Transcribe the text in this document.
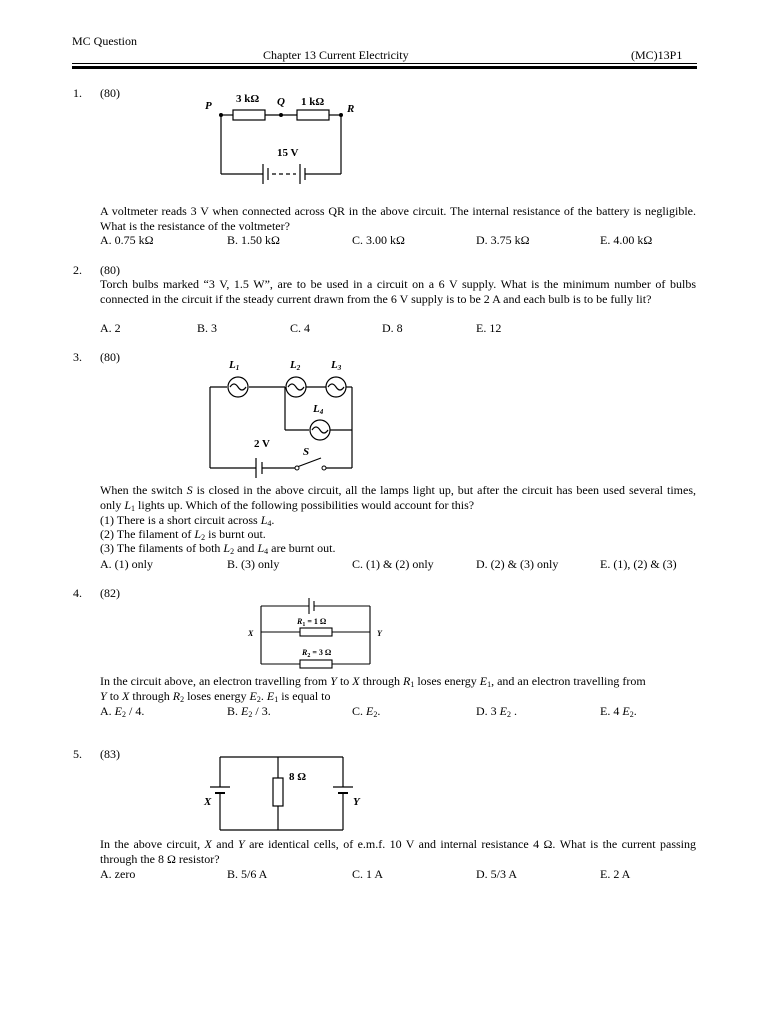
MC Question
Chapter 13 Current Electricity	(MC)13P1
1. (80)	3 kΩ	1 kΩ
P	Q
R
15 V
A voltmeter reads 3 V when connected across QR in the above circuit. The internal resistance of the battery is negligible. What is the resistance of the voltmeter?
A. 0.75 kΩ	B. 1.50 kΩ	C. 3.00 kΩ	D. 3.75 kΩ	E. 4.00 kΩ
2. (80)
Torch bulbs marked “3 V, 1.5 W”, are to be used in a circuit on a 6 V supply. What is the minimum number of bulbs connected in the circuit if the steady current drawn from the 6 V supply is to be 2 A and each bulb is to be fully lit?
A. 2	B. 3	C. 4	D. 8	E. 12
3. (80)
L1	L2	L3
L4
2 V
S
When the switch S is closed in the above circuit, all the lamps light up, but after the circuit has been used several times, only $L_1$ lights up. Which of the following possibilities would account for this?
(1) There is a short circuit across $L_4$.
(2) The filament of $L_2$ is burnt out.
(3) The filaments of both $L_2$ and $L_4$ are burnt out.
A. (1) only	B. (3) only	C. (1) & (2) only	D. (2) & (3) only	E. (1), (2) & (3)
4. (82)
$R_1 = 1$ Ω
$R_2 = 3$ Ω
X	Y
In the circuit above, an electron travelling from Y to X through $R_1$ loses energy $E_1$, and an electron travelling from
Y to X through $R_2$ loses energy $E_2$. $E_1$ is equal to
A. $E_2 / 4$.	B. $E_2 / 3$.	C. $E_2$.	D. 3 $E_2$ .	E. 4 $E_2$.
5. (83)
8 Ω
X	Y
In the above circuit, X and Y are identical cells, of e.m.f. 10 V and internal resistance 4 Ω. What is the current passing through the 8 Ω resistor?
A. zero	B. 5/6 A	C. 1 A	D. 5/3 A	E. 2 A
